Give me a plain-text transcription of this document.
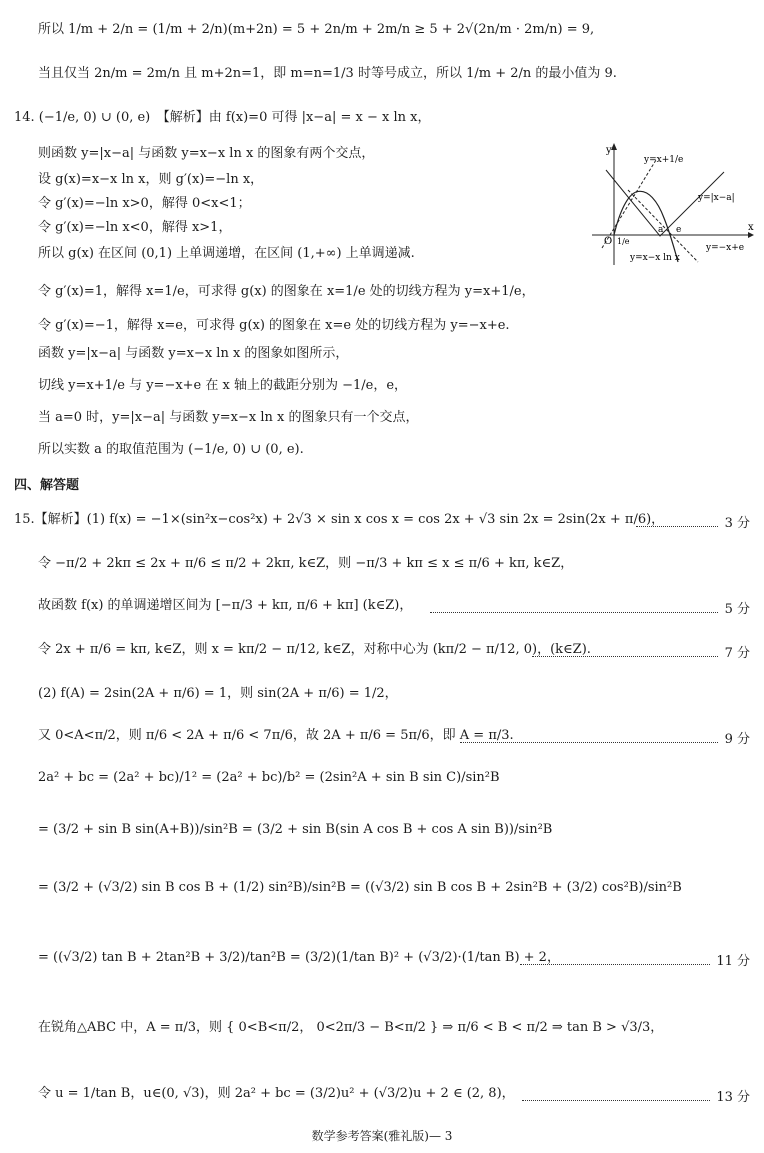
所以 1/m + 2/n = (1/m + 2/n)(m+2n) = 5 + 2n/m + 2m/n ≥ 5 + 2√(2n/m · 2m/n) = 9,
当且仅当 2n/m = 2m/n 且 m+2n=1，即 m=n=1/3 时等号成立，所以 1/m + 2/n 的最小值为 9.
14. (−1/e, 0) ∪ (0, e)　【解析】由 f(x)=0 可得 |x−a| = x − x ln x，
则函数 y=|x−a| 与函数 y=x−x ln x 的图象有两个交点，
设 g(x)=x−x ln x，则 g′(x)=−ln x，
令 g′(x)=−ln x>0，解得 0<x<1；
令 g′(x)=−ln x<0，解得 x>1，
所以 g(x) 在区间 (0,1) 上单调递增，在区间 (1,+∞) 上单调递减.
令 g′(x)=1，解得 x=1/e，可求得 g(x) 的图象在 x=1/e 处的切线方程为 y=x+1/e，
令 g′(x)=−1，解得 x=e，可求得 g(x) 的图象在 x=e 处的切线方程为 y=−x+e.
函数 y=|x−a| 与函数 y=x−x ln x 的图象如图所示，
切线 y=x+1/e 与 y=−x+e 在 x 轴上的截距分别为 −1/e，e，
当 a=0 时，y=|x−a| 与函数 y=x−x ln x 的图象只有一个交点，
所以实数 a 的取值范围为 (−1/e, 0) ∪ (0, e).
y
x
O
y=x+1/e
y=|x−a|
y=x−x ln x
y=−x+e
1/e
a e
四、解答题
15.【解析】(1) f(x) = −1×(sin²x−cos²x) + 2√3 × sin x cos x = cos 2x + √3 sin 2x = 2sin(2x + π/6)，	3 分
令 −π/2 + 2kπ ≤ 2x + π/6 ≤ π/2 + 2kπ, k∈Z，则 −π/3 + kπ ≤ x ≤ π/6 + kπ, k∈Z，
故函数 f(x) 的单调递增区间为 [−π/3 + kπ, π/6 + kπ] (k∈Z)，	5 分
令 2x + π/6 = kπ, k∈Z，则 x = kπ/2 − π/12, k∈Z，对称中心为 (kπ/2 − π/12, 0)，(k∈Z).	7 分
(2) f(A) = 2sin(2A + π/6) = 1，则 sin(2A + π/6) = 1/2，
又 0<A<π/2，则 π/6 < 2A + π/6 < 7π/6，故 2A + π/6 = 5π/6，即 A = π/3.	9 分
2a² + bc = (2a² + bc)/1² = (2a² + bc)/b² = (2sin²A + sin B sin C)/sin²B
= (3/2 + sin B sin(A+B))/sin²B = (3/2 + sin B(sin A cos B + cos A sin B))/sin²B
= (3/2 + (√3/2) sin B cos B + (1/2) sin²B)/sin²B = ((√3/2) sin B cos B + 2sin²B + (3/2) cos²B)/sin²B
= ((√3/2) tan B + 2tan²B + 3/2)/tan²B = (3/2)(1/tan B)² + (√3/2)·(1/tan B) + 2，	11 分
在锐角△ABC 中，A = π/3，则 { 0<B<π/2， 0<2π/3 − B<π/2 } ⇒ π/6 < B < π/2 ⇒ tan B > √3/3，
令 u = 1/tan B，u∈(0, √3)，则 2a² + bc = (3/2)u² + (√3/2)u + 2 ∈ (2, 8)，	13 分
数学参考答案(雅礼版)— 3
